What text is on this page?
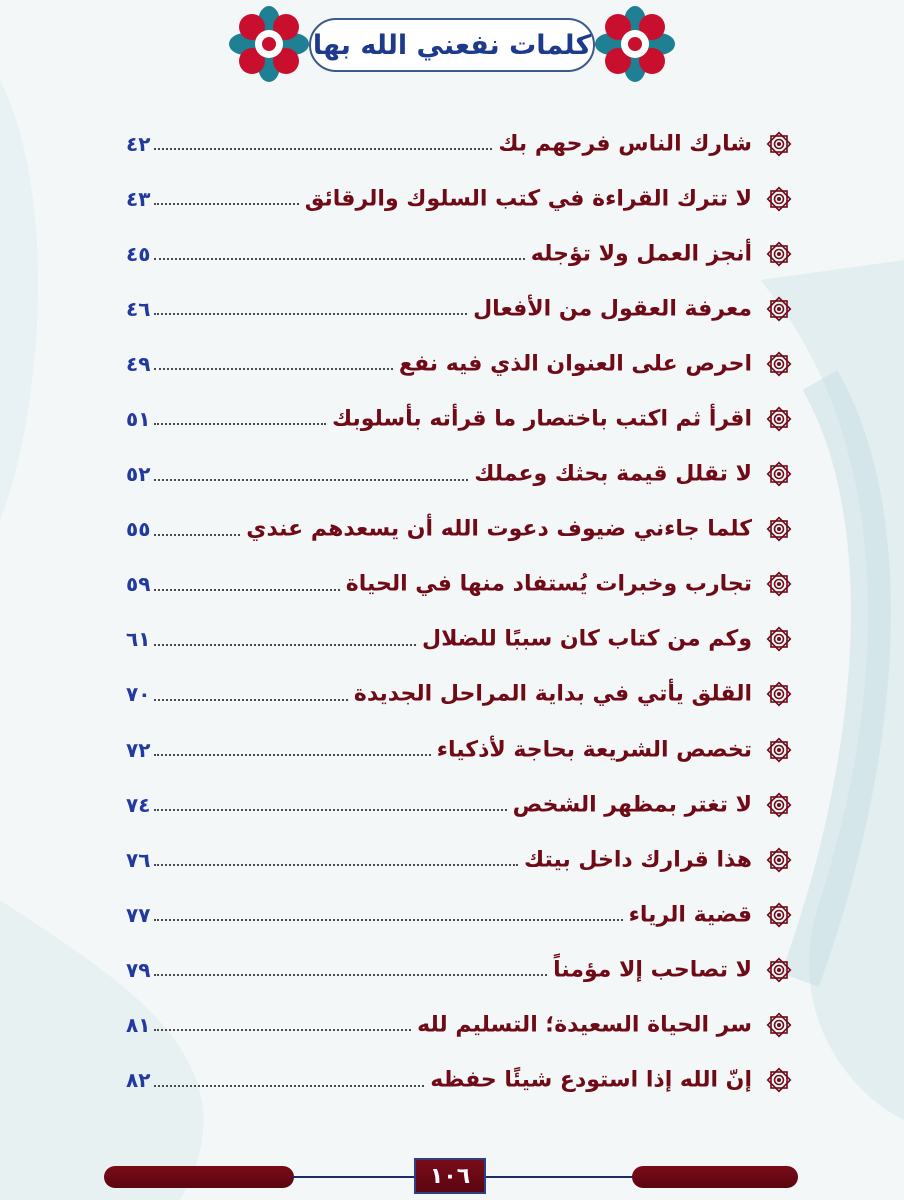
كلمات نفعني الله بها
شارك الناس فرحهم بك
٤٢
لا تترك القراءة في كتب السلوك والرقائق
٤٣
أنجز العمل ولا تؤجله
٤٥
معرفة العقول من الأفعال
٤٦
احرص على العنوان الذي فيه نفع
٤٩
اقرأ ثم اكتب باختصار ما قرأته بأسلوبك
٥١
لا تقلل قيمة بحثك وعملك
٥٢
كلما جاءني ضيوف دعوت الله أن يسعدهم عندي
٥٥
تجارب وخبرات يُستفاد منها في الحياة
٥٩
وكم من كتاب كان سببًا للضلال
٦١
القلق يأتي في بداية المراحل الجديدة
٧٠
تخصص الشريعة بحاجة لأذكياء
٧٢
لا تغتر بمظهر الشخص
٧٤
هذا قرارك داخل بيتك
٧٦
قضية الرياء
٧٧
لا تصاحب إلا مؤمناً
٧٩
سر الحياة السعيدة؛ التسليم لله
٨١
إنّ الله إذا استودع شيئًا حفظه
٨٢
١٠٦
